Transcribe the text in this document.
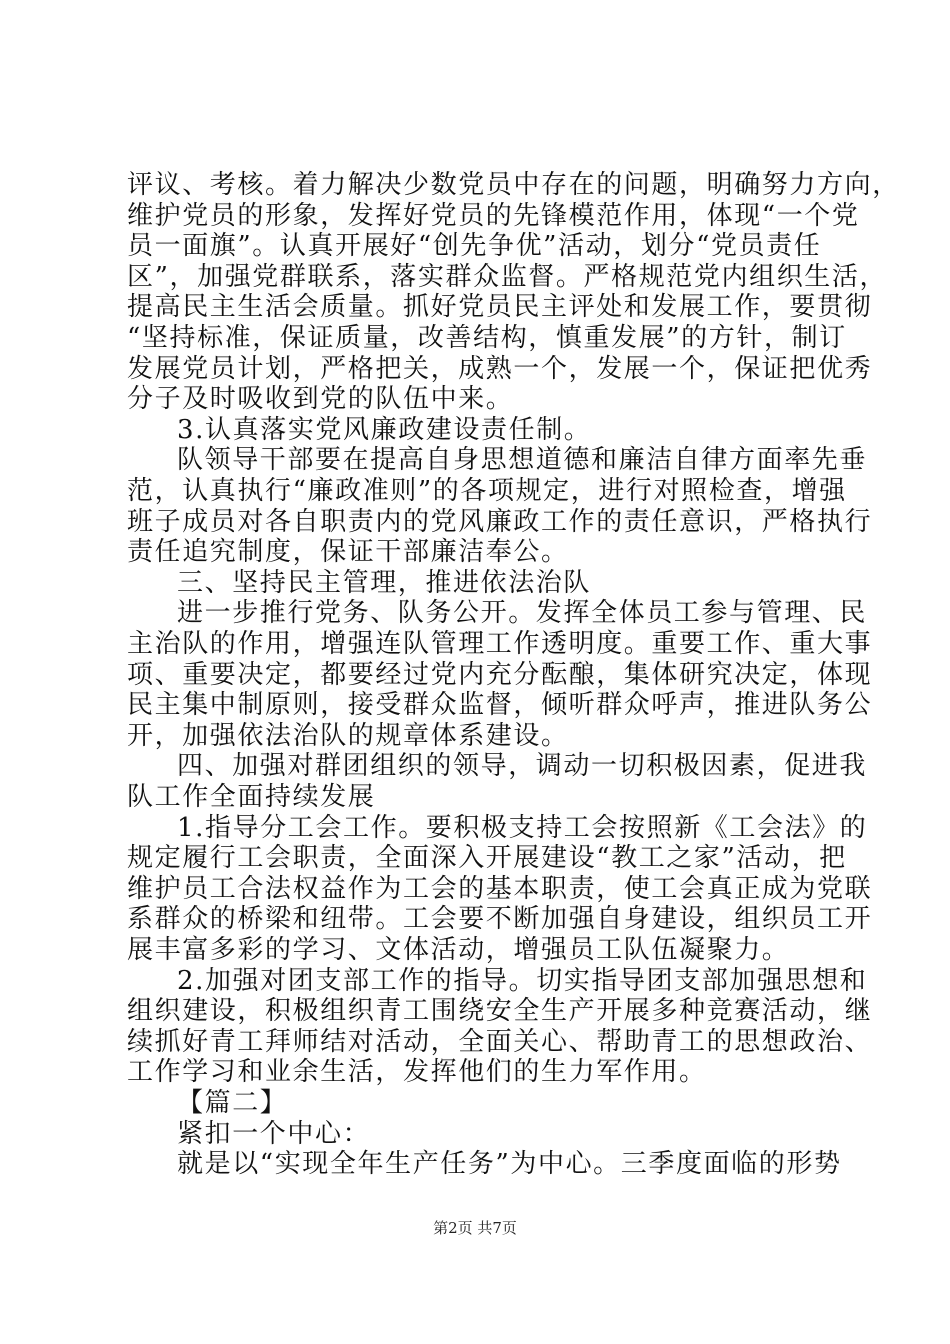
评议、考核。着力解决少数党员中存在的问题，明确努力方向，
维护党员的形象，发挥好党员的先锋模范作用，体现“一个党
员一面旗”。认真开展好“创先争优”活动，划分“党员责任
区”，加强党群联系，落实群众监督。严格规范党内组织生活，
提高民主生活会质量。抓好党员民主评处和发展工作，要贯彻
“坚持标准，保证质量，改善结构，慎重发展”的方针，制订
发展党员计划，严格把关，成熟一个，发展一个，保证把优秀
分子及时吸收到党的队伍中来。
3.认真落实党风廉政建设责任制。
队领导干部要在提高自身思想道德和廉洁自律方面率先垂
范，认真执行“廉政准则”的各项规定，进行对照检查，增强
班子成员对各自职责内的党风廉政工作的责任意识，严格执行
责任追究制度，保证干部廉洁奉公。
三、坚持民主管理，推进依法治队
进一步推行党务、队务公开。发挥全体员工参与管理、民
主治队的作用，增强连队管理工作透明度。重要工作、重大事
项、重要决定，都要经过党内充分酝酿，集体研究决定，体现
民主集中制原则，接受群众监督，倾听群众呼声，推进队务公
开，加强依法治队的规章体系建设。
四、加强对群团组织的领导，调动一切积极因素，促进我
队工作全面持续发展
1.指导分工会工作。要积极支持工会按照新《工会法》的
规定履行工会职责，全面深入开展建设“教工之家”活动，把
维护员工合法权益作为工会的基本职责，使工会真正成为党联
系群众的桥梁和纽带。工会要不断加强自身建设，组织员工开
展丰富多彩的学习、文体活动，增强员工队伍凝聚力。
2.加强对团支部工作的指导。切实指导团支部加强思想和
组织建设，积极组织青工围绕安全生产开展多种竞赛活动，继
续抓好青工拜师结对活动，全面关心、帮助青工的思想政治、
工作学习和业余生活，发挥他们的生力军作用。
【篇二】
紧扣一个中心：
就是以“实现全年生产任务”为中心。三季度面临的形势
第2页 共7页
